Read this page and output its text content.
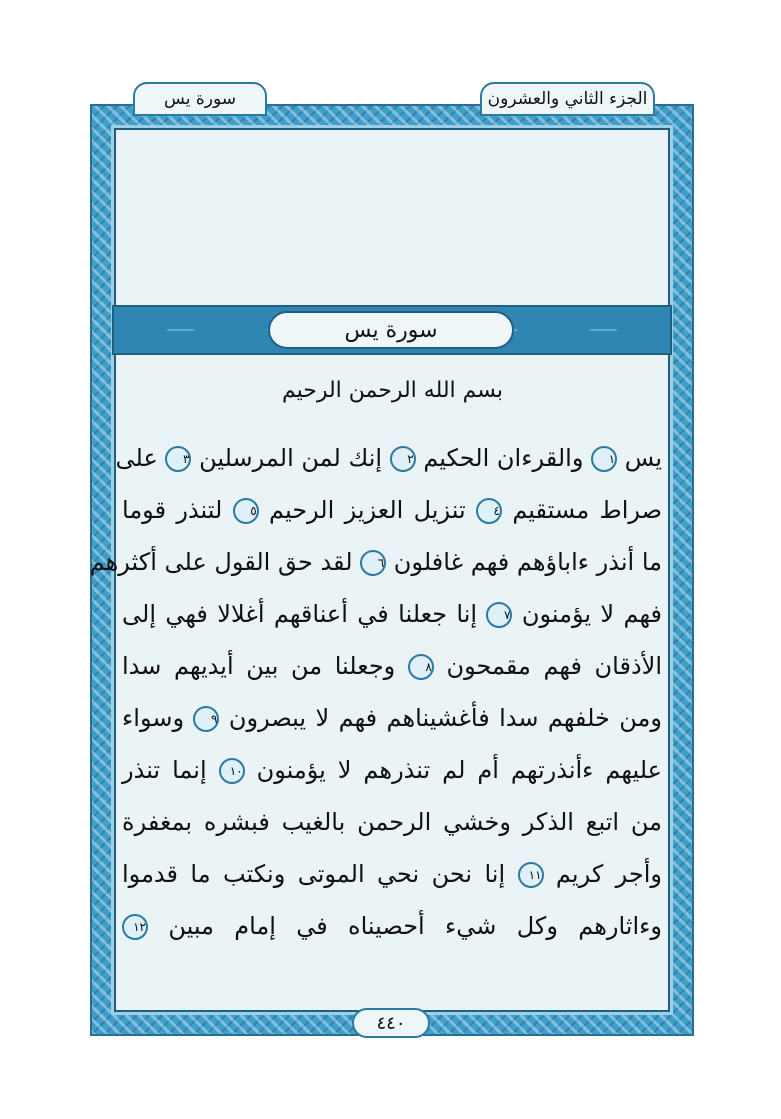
سورة يس	الجزء الثاني والعشرون
سورة يس
بسم الله الرحمن الرحيم
يس ١ والقرءان الحكيم ٢ إنك لمن المرسلين ٣ على
صراط مستقيم ٤ تنزيل العزيز الرحيم ٥ لتنذر قوما
ما أنذر ءاباؤهم فهم غافلون ٦ لقد حق القول على أكثرهم
فهم لا يؤمنون ٧ إنا جعلنا في أعناقهم أغلالا فهي إلى
الأذقان فهم مقمحون ٨ وجعلنا من بين أيديهم سدا
ومن خلفهم سدا فأغشيناهم فهم لا يبصرون ٩ وسواء
عليهم ءأنذرتهم أم لم تنذرهم لا يؤمنون ١٠ إنما تنذر
من اتبع الذكر وخشي الرحمن بالغيب فبشره بمغفرة
وأجر كريم ١١ إنا نحن نحي الموتى ونكتب ما قدموا
وءاثارهم وكل شيء أحصيناه في إمام مبين ١٢
٤٤٠
